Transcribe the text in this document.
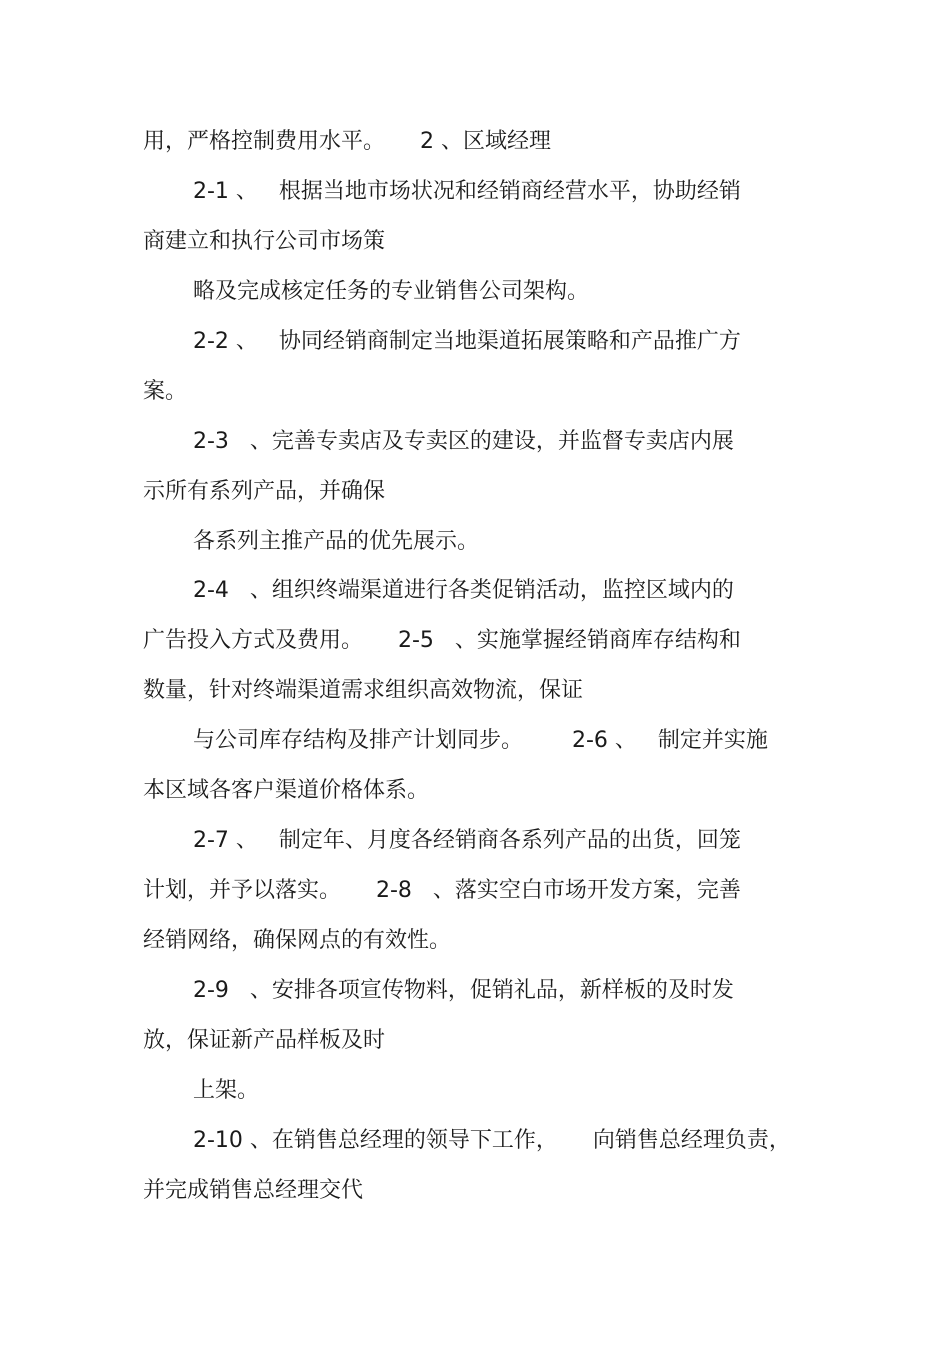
用，严格控制费用水平。     2 、区域经理
2-1 、   根据当地市场状况和经销商经营水平，协助经销
商建立和执行公司市场策
略及完成核定任务的专业销售公司架构。
2-2 、   协同经销商制定当地渠道拓展策略和产品推广方
案。
2-3   、完善专卖店及专卖区的建设，并监督专卖店内展
示所有系列产品，并确保
各系列主推产品的优先展示。
2-4   、组织终端渠道进行各类促销活动，监控区域内的
广告投入方式及费用。     2-5   、实施掌握经销商库存结构和
数量，针对终端渠道需求组织高效物流，保证
与公司库存结构及排产计划同步。       2-6 、   制定并实施
本区域各客户渠道价格体系。
2-7 、   制定年、月度各经销商各系列产品的出货，回笼
计划，并予以落实。     2-8   、落实空白市场开发方案，完善
经销网络，确保网点的有效性。
2-9   、安排各项宣传物料，促销礼品，新样板的及时发
放，保证新产品样板及时
上架。
2-10 、在销售总经理的领导下工作，     向销售总经理负责，
并完成销售总经理交代
